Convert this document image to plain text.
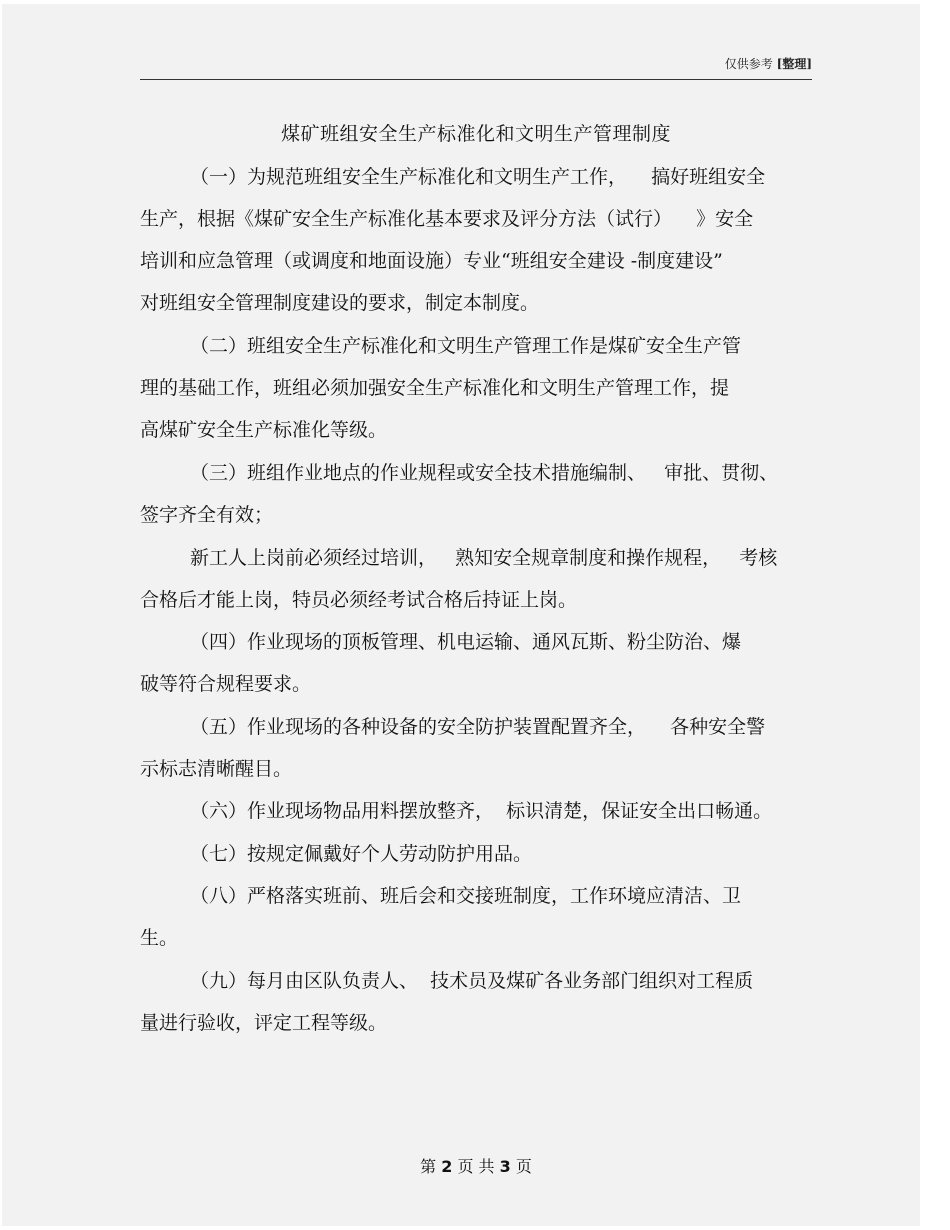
仅供参考 [整理]
煤矿班组安全生产标准化和文明生产管理制度
（一）为规范班组安全生产标准化和文明生产工作，    搞好班组安全
生产，根据《煤矿安全生产标准化基本要求及评分方法（试行）    》安全
培训和应急管理（或调度和地面设施）专业“班组安全建设 -制度建设”
对班组安全管理制度建设的要求，制定本制度。
（二）班组安全生产标准化和文明生产管理工作是煤矿安全生产管
理的基础工作，班组必须加强安全生产标准化和文明生产管理工作，提
高煤矿安全生产标准化等级。
（三）班组作业地点的作业规程或安全技术措施编制、   审批、贯彻、
签字齐全有效；
新工人上岗前必须经过培训，   熟知安全规章制度和操作规程，   考核
合格后才能上岗，特员必须经考试合格后持证上岗。
（四）作业现场的顶板管理、机电运输、通风瓦斯、粉尘防治、爆
破等符合规程要求。
（五）作业现场的各种设备的安全防护装置配置齐全，    各种安全警
示标志清晰醒目。
（六）作业现场物品用料摆放整齐，  标识清楚，保证安全出口畅通。
（七）按规定佩戴好个人劳动防护用品。
（八）严格落实班前、班后会和交接班制度，工作环境应清洁、卫
生。
（九）每月由区队负责人、  技术员及煤矿各业务部门组织对工程质
量进行验收，评定工程等级。
第 2 页 共 3 页
